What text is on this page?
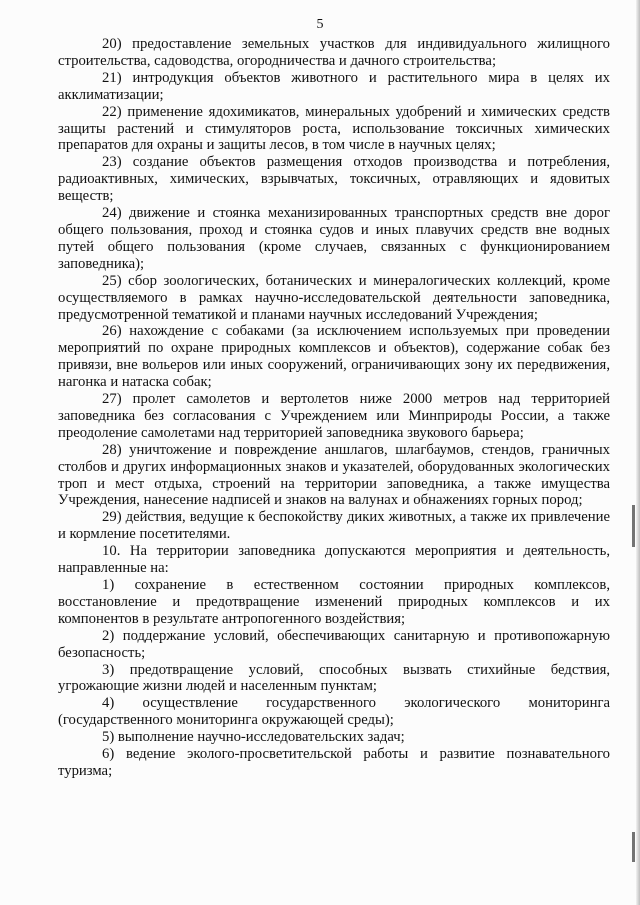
5

20) предоставление земельных участков для индивидуального жилищного строительства, садоводства, огородничества и дачного строительства;

21) интродукция объектов животного и растительного мира в целях их акклиматизации;

22) применение ядохимикатов, минеральных удобрений и химических средств защиты растений и стимуляторов роста, использование токсичных химических препаратов для охраны и защиты лесов, в том числе в научных целях;

23) создание объектов размещения отходов производства и потребления, радиоактивных, химических, взрывчатых, токсичных, отравляющих и ядовитых веществ;

24) движение и стоянка механизированных транспортных средств вне дорог общего пользования, проход и стоянка судов и иных плавучих средств вне водных путей общего пользования (кроме случаев, связанных с функционированием заповедника);

25) сбор зоологических, ботанических и минералогических коллекций, кроме осуществляемого в рамках научно-исследовательской деятельности заповедника, предусмотренной тематикой и планами научных исследований Учреждения;

26) нахождение с собаками (за исключением используемых при проведении мероприятий по охране природных комплексов и объектов), содержание собак без привязи, вне вольеров или иных сооружений, ограничивающих зону их передвижения, нагонка и натаска собак;

27) пролет самолетов и вертолетов ниже 2000 метров над территорией заповедника без согласования с Учреждением или Минприроды России, а также преодоление самолетами над территорией заповедника звукового барьера;

28) уничтожение и повреждение аншлагов, шлагбаумов, стендов, граничных столбов и других информационных знаков и указателей, оборудованных экологических троп и мест отдыха, строений на территории заповедника, а также имущества Учреждения, нанесение надписей и знаков на валунах и обнажениях горных пород;

29) действия, ведущие к беспокойству диких животных, а также их привлечение и кормление посетителями.

10. На территории заповедника допускаются мероприятия и деятельность, направленные на:

1) сохранение в естественном состоянии природных комплексов, восстановление и предотвращение изменений природных комплексов и их компонентов в результате антропогенного воздействия;

2) поддержание условий, обеспечивающих санитарную и противопожарную безопасность;

3) предотвращение условий, способных вызвать стихийные бедствия, угрожающие жизни людей и населенным пунктам;

4) осуществление государственного экологического мониторинга (государственного мониторинга окружающей среды);

5) выполнение научно-исследовательских задач;

6) ведение эколого-просветительской работы и развитие познавательного туризма;
